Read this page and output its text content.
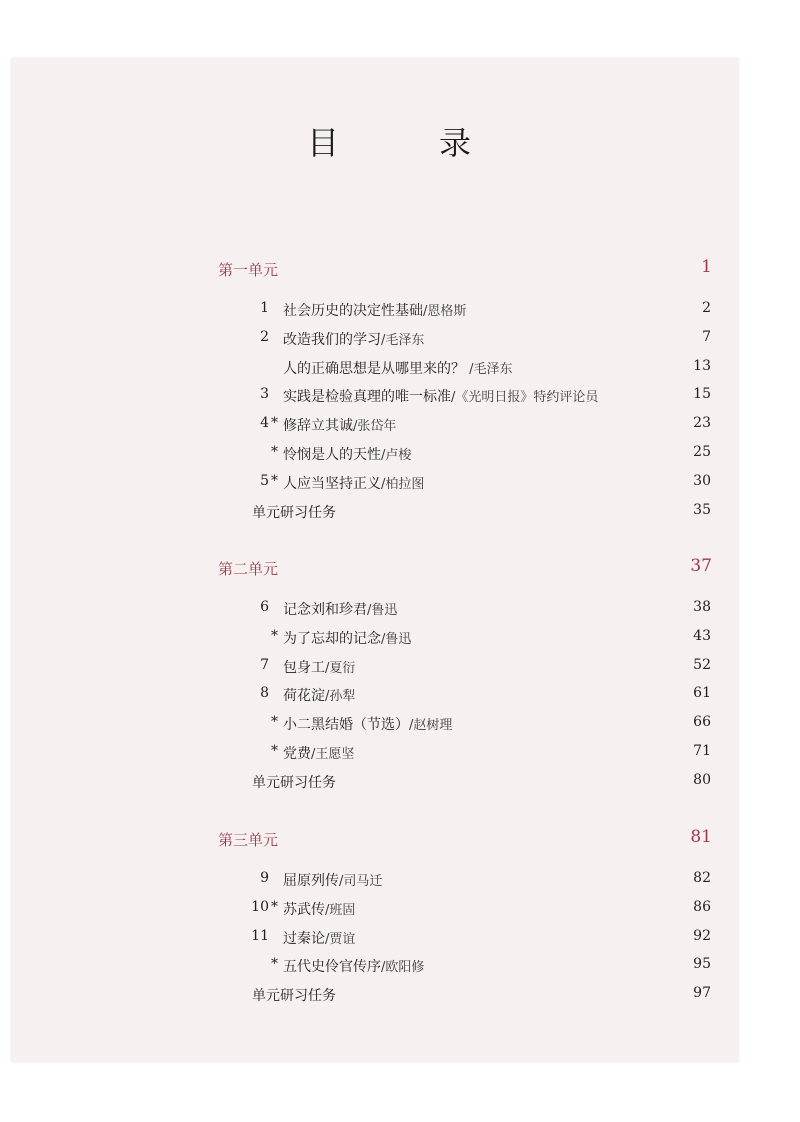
目　录
第一单元	1
1 社会历史的决定性基础/恩格斯	2
2 改造我们的学习/毛泽东	7
人的正确思想是从哪里来的？ /毛泽东	13
3 实践是检验真理的唯一标准/《光明日报》特约评论员	15
4 * 修辞立其诚/张岱年	23
* 怜悯是人的天性/卢梭	25
5 * 人应当坚持正义/柏拉图	30
单元研习任务	35
第二单元	37
6 记念刘和珍君/鲁迅	38
* 为了忘却的记念/鲁迅	43
7 包身工/夏衍	52
8 荷花淀/孙犁	61
* 小二黑结婚（节选）/赵树理	66
* 党费/王愿坚	71
单元研习任务	80
第三单元	81
9 屈原列传/司马迁	82
10 * 苏武传/班固	86
11 过秦论/贾谊	92
* 五代史伶官传序/欧阳修	95
单元研习任务	97
